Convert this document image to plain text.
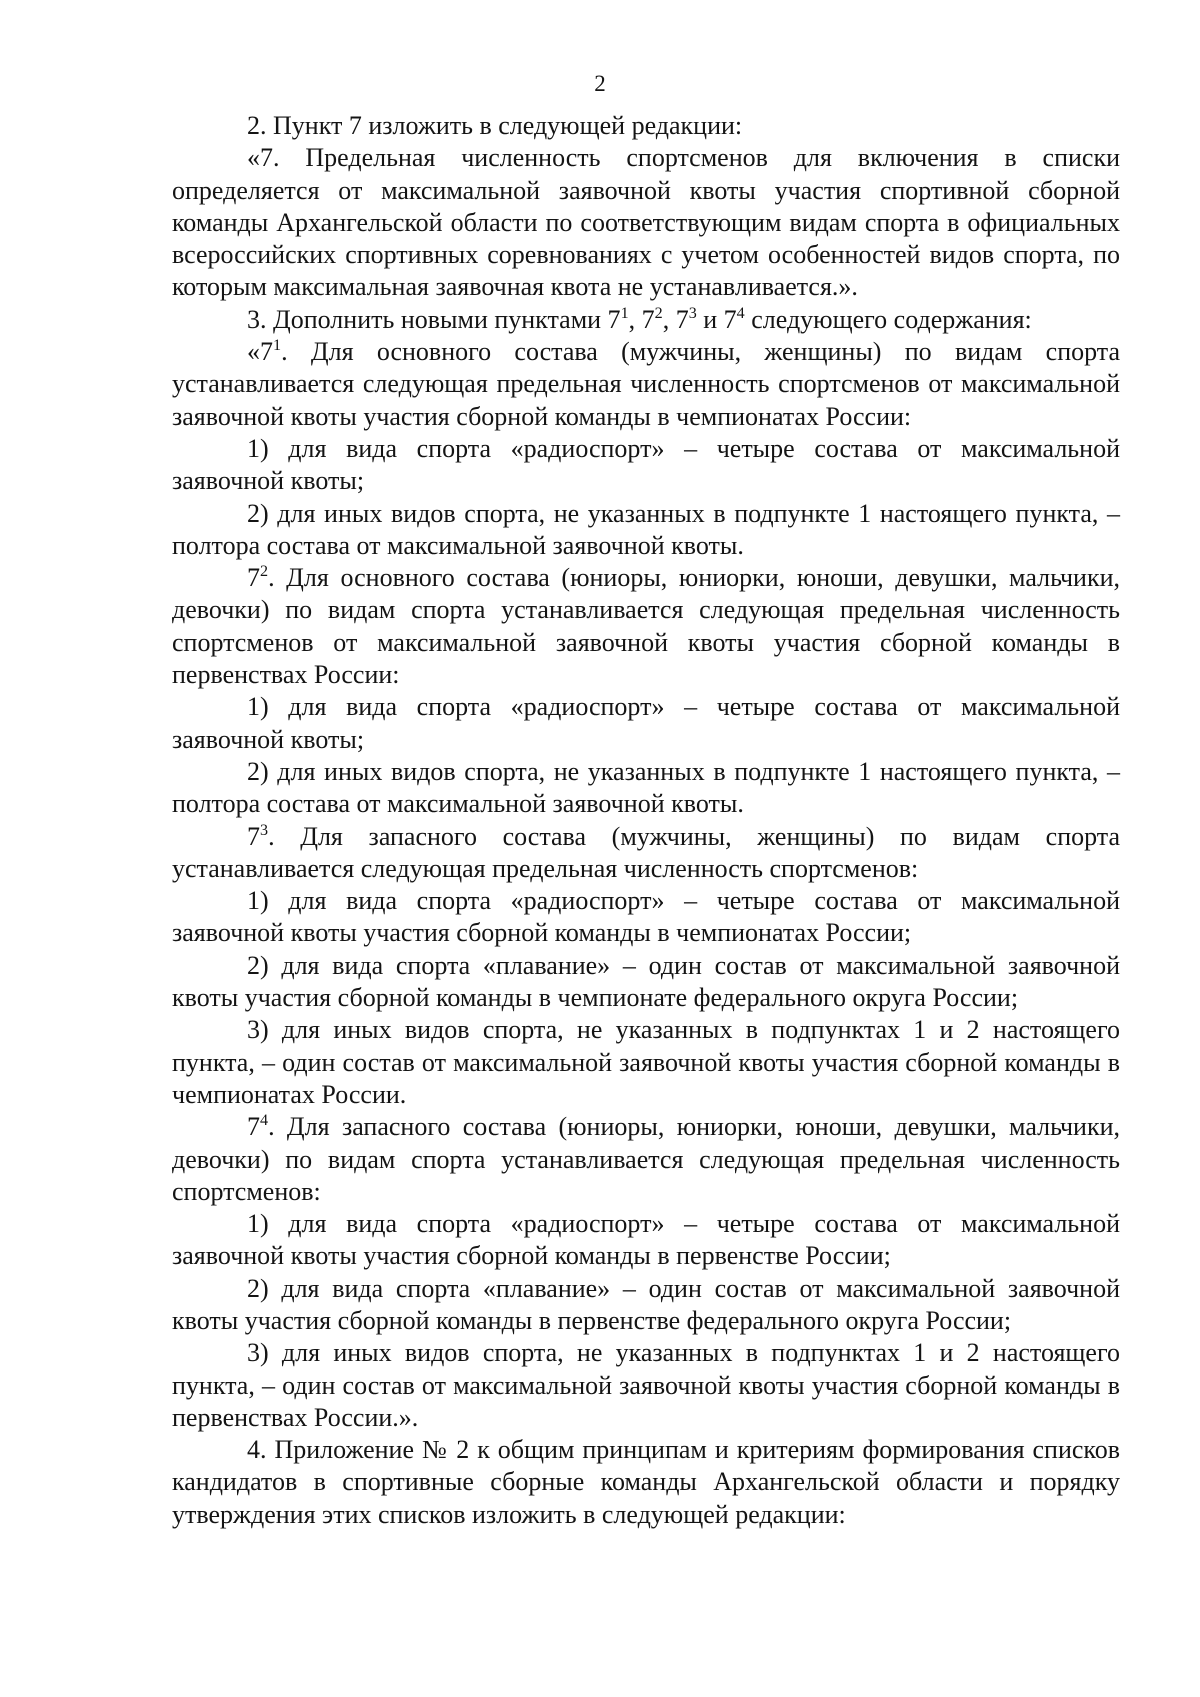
2

2. Пункт 7 изложить в следующей редакции:

«7. Предельная численность спортсменов для включения в списки определяется от максимальной заявочной квоты участия спортивной сборной команды Архангельской области по соответствующим видам спорта в официальных всероссийских спортивных соревнованиях с учетом особенностей видов спорта, по которым максимальная заявочная квота не устанавливается.».

3. Дополнить новыми пунктами $7^1$, $7^2$, $7^3$ и $7^4$ следующего содержания:

«$7^1$. Для основного состава (мужчины, женщины) по видам спорта устанавливается следующая предельная численность спортсменов от максимальной заявочной квоты участия сборной команды в чемпионатах России:

1) для вида спорта «радиоспорт» – четыре состава от максимальной заявочной квоты;

2) для иных видов спорта, не указанных в подпункте 1 настоящего пункта, – полтора состава от максимальной заявочной квоты.

$7^2$. Для основного состава (юниоры, юниорки, юноши, девушки, мальчики, девочки) по видам спорта устанавливается следующая предельная численность спортсменов от максимальной заявочной квоты участия сборной команды в первенствах России:

1) для вида спорта «радиоспорт» – четыре состава от максимальной заявочной квоты;

2) для иных видов спорта, не указанных в подпункте 1 настоящего пункта, – полтора состава от максимальной заявочной квоты.

$7^3$. Для запасного состава (мужчины, женщины) по видам спорта устанавливается следующая предельная численность спортсменов:

1) для вида спорта «радиоспорт» – четыре состава от максимальной заявочной квоты участия сборной команды в чемпионатах России;

2) для вида спорта «плавание» – один состав от максимальной заявочной квоты участия сборной команды в чемпионате федерального округа России;

3) для иных видов спорта, не указанных в подпунктах 1 и 2 настоящего пункта, – один состав от максимальной заявочной квоты участия сборной команды в чемпионатах России.

$7^4$. Для запасного состава (юниоры, юниорки, юноши, девушки, мальчики, девочки) по видам спорта устанавливается следующая предельная численность спортсменов:

1) для вида спорта «радиоспорт» – четыре состава от максимальной заявочной квоты участия сборной команды в первенстве России;

2) для вида спорта «плавание» – один состав от максимальной заявочной квоты участия сборной команды в первенстве федерального округа России;

3) для иных видов спорта, не указанных в подпунктах 1 и 2 настоящего пункта, – один состав от максимальной заявочной квоты участия сборной команды в первенствах России.».

4. Приложение № 2 к общим принципам и критериям формирования списков кандидатов в спортивные сборные команды Архангельской области и порядку утверждения этих списков изложить в следующей редакции:
